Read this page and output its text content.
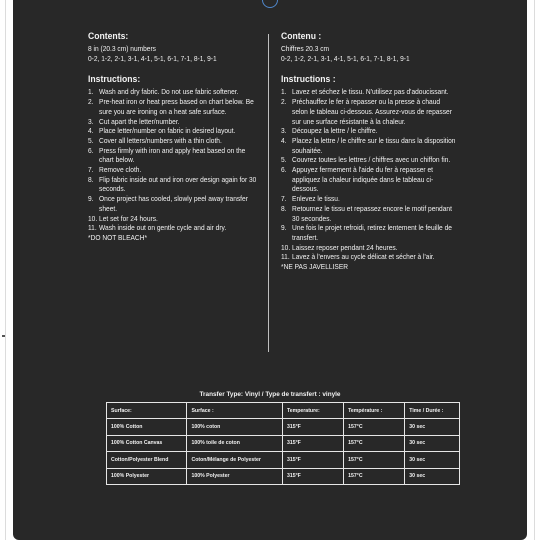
Contents:
8 in (20.3 cm) numbers
0-2, 1-2, 2-1, 3-1, 4-1, 5-1, 6-1, 7-1, 8-1, 9-1
Instructions:
1. Wash and dry fabric. Do not use fabric softener.
2. Pre-heat iron or heat press based on chart below. Be sure you are ironing on a heat safe surface.
3. Cut apart the letter/number.
4. Place letter/number on fabric in desired layout.
5. Cover all letters/numbers with a thin cloth.
6. Press firmly with iron and apply heat based on the chart below.
7. Remove cloth.
8. Flip fabric inside out and iron over design again for 30 seconds.
9. Once project has cooled, slowly peel away transfer sheet.
10. Let set for 24 hours.
11. Wash inside out on gentle cycle and air dry.

*DO NOT BLEACH*

Contenu :
Chiffres 20.3 cm
0-2, 1-2, 2-1, 3-1, 4-1, 5-1, 6-1, 7-1, 8-1, 9-1
Instructions :
1. Lavez et séchez le tissu. N'utilisez pas d'adoucissant.
2. Préchauffez le fer à repasser ou la presse à chaud selon le tableau ci-dessous. Assurez-vous de repasser sur une surface résistante à la chaleur.
3. Découpez la lettre / le chiffre.
4. Placez la lettre / le chiffre sur le tissu dans la disposition souhaitée.
5. Couvrez toutes les lettres / chiffres avec un chiffon fin.
6. Appuyez fermement à l'aide du fer à repasser et appliquez la chaleur indiquée dans le tableau ci-dessous.
7. Enlevez le tissu.
8. Retournez le tissu et repassez encore le motif pendant 30 secondes.
9. Une fois le projet refroidi, retirez lentement le feuille de transfert.
10. Laissez reposer pendant 24 heures.
11. Lavez à l'envers au cycle délicat et sécher à l'air.

*NE PAS JAVELLISER

Transfer Type: Vinyl / Type de transfert : vinyle
Surface:	Surface :	Temperature:	Température :	Time / Durée :
100% Cotton	100% coton	315°F	157°C	30 sec
100% Cotton Canvas	100% toile de coton	315°F	157°C	30 sec
Cotton/Polyester Blend	Coton/Mélange de Polyester	315°F	157°C	30 sec
100% Polyester	100% Polyester	315°F	157°C	30 sec
